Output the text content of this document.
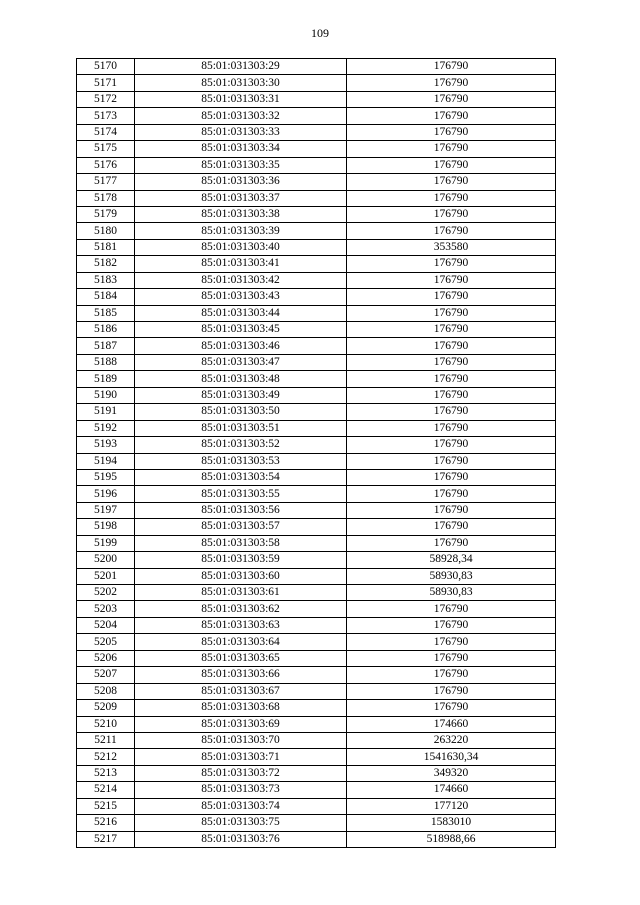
109
5170	85:01:031303:29	176790
5171	85:01:031303:30	176790
5172	85:01:031303:31	176790
5173	85:01:031303:32	176790
5174	85:01:031303:33	176790
5175	85:01:031303:34	176790
5176	85:01:031303:35	176790
5177	85:01:031303:36	176790
5178	85:01:031303:37	176790
5179	85:01:031303:38	176790
5180	85:01:031303:39	176790
5181	85:01:031303:40	353580
5182	85:01:031303:41	176790
5183	85:01:031303:42	176790
5184	85:01:031303:43	176790
5185	85:01:031303:44	176790
5186	85:01:031303:45	176790
5187	85:01:031303:46	176790
5188	85:01:031303:47	176790
5189	85:01:031303:48	176790
5190	85:01:031303:49	176790
5191	85:01:031303:50	176790
5192	85:01:031303:51	176790
5193	85:01:031303:52	176790
5194	85:01:031303:53	176790
5195	85:01:031303:54	176790
5196	85:01:031303:55	176790
5197	85:01:031303:56	176790
5198	85:01:031303:57	176790
5199	85:01:031303:58	176790
5200	85:01:031303:59	58928,34
5201	85:01:031303:60	58930,83
5202	85:01:031303:61	58930,83
5203	85:01:031303:62	176790
5204	85:01:031303:63	176790
5205	85:01:031303:64	176790
5206	85:01:031303:65	176790
5207	85:01:031303:66	176790
5208	85:01:031303:67	176790
5209	85:01:031303:68	176790
5210	85:01:031303:69	174660
5211	85:01:031303:70	263220
5212	85:01:031303:71	1541630,34
5213	85:01:031303:72	349320
5214	85:01:031303:73	174660
5215	85:01:031303:74	177120
5216	85:01:031303:75	1583010
5217	85:01:031303:76	518988,66
